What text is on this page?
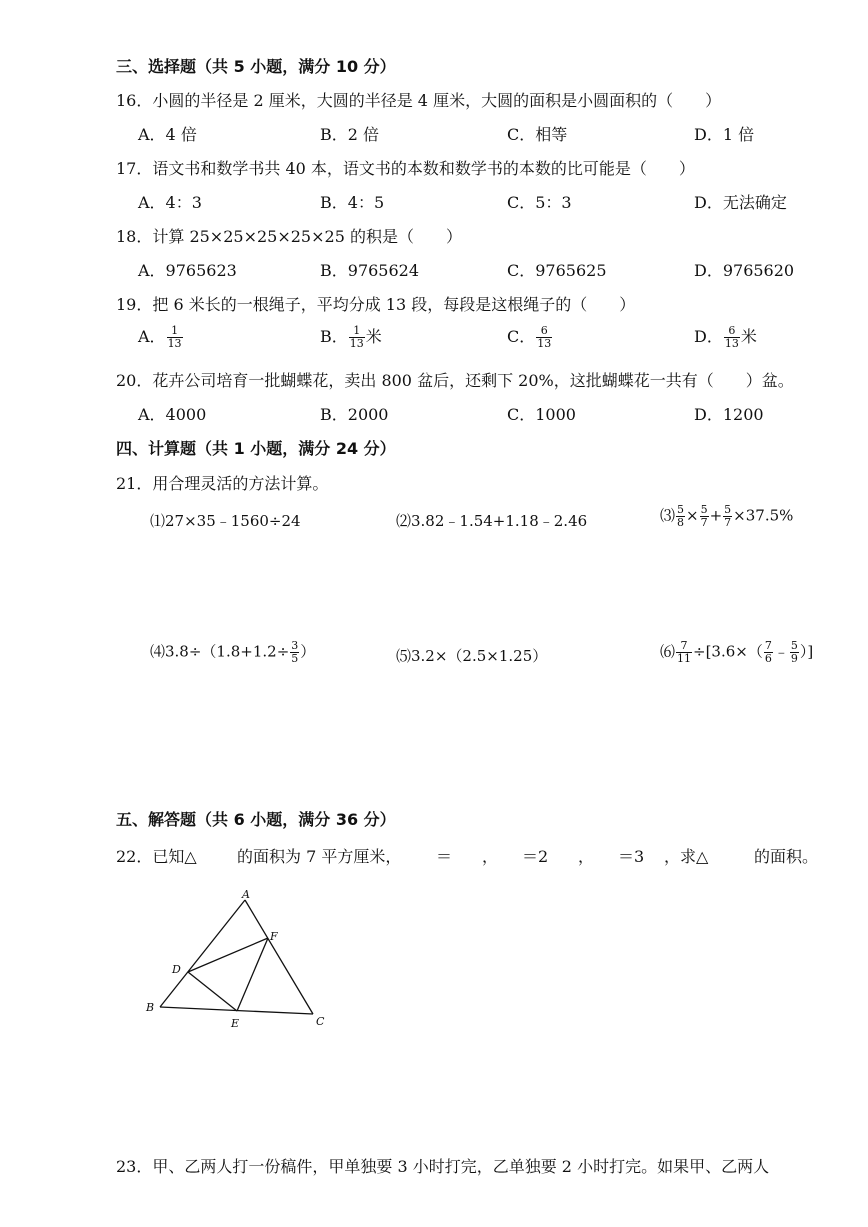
三、选择题（共 5 小题，满分 10 分）
16．小圆的半径是 2 厘米，大圆的半径是 4 厘米，大圆的面积是小圆面积的（　　）
A．4 倍	B．2 倍	C．相等	D．1 倍
17．语文书和数学书共 40 本，语文书的本数和数学书的本数的比可能是（　　）
A．4：3	B．4：5	C．5：3	D．无法确定
18．计算 25×25×25×25×25 的积是（　　）
A．9765623	B．9765624	C．9765625	D．9765620
19．把 6 米长的一根绳子，平均分成 13 段，每段是这根绳子的（　　）
A． $\frac{1}{13}$	B． $\frac{1}{13}$ 米	C． $\frac{6}{13}$	D． $\frac{6}{13}$ 米
20．花卉公司培育一批蝴蝶花，卖出 800 盆后，还剩下 20%，这批蝴蝶花一共有（　　）盆。
A．4000	B．2000	C．1000	D．1200
四、计算题（共 1 小题，满分 24 分）
21．用合理灵活的方法计算。
⑴27×35﹣1560÷24	⑵3.82﹣1.54+1.18﹣2.46	⑶ $\frac{5}{8} \times \frac{5}{7} + \frac{5}{7} \times 37.5\%$
⑷3.8÷（1.8+1.2÷ $\frac{3}{5}$ ）	⑸3.2×（2.5×1.25）	⑹ $\frac{7}{11} \div[3.6\times( \frac{7}{6}$ ﹣ $\frac{5}{9}$ ）]
五、解答题（共 6 小题，满分 36 分）
22．已知△	的面积为 7 平方厘米， ＝ ， ＝2 ， ＝3 ，求△	的面积。
A
B
C
D
E
F
23．甲、乙两人打一份稿件，甲单独要 3 小时打完，乙单独要 2 小时打完。如果甲、乙两人
